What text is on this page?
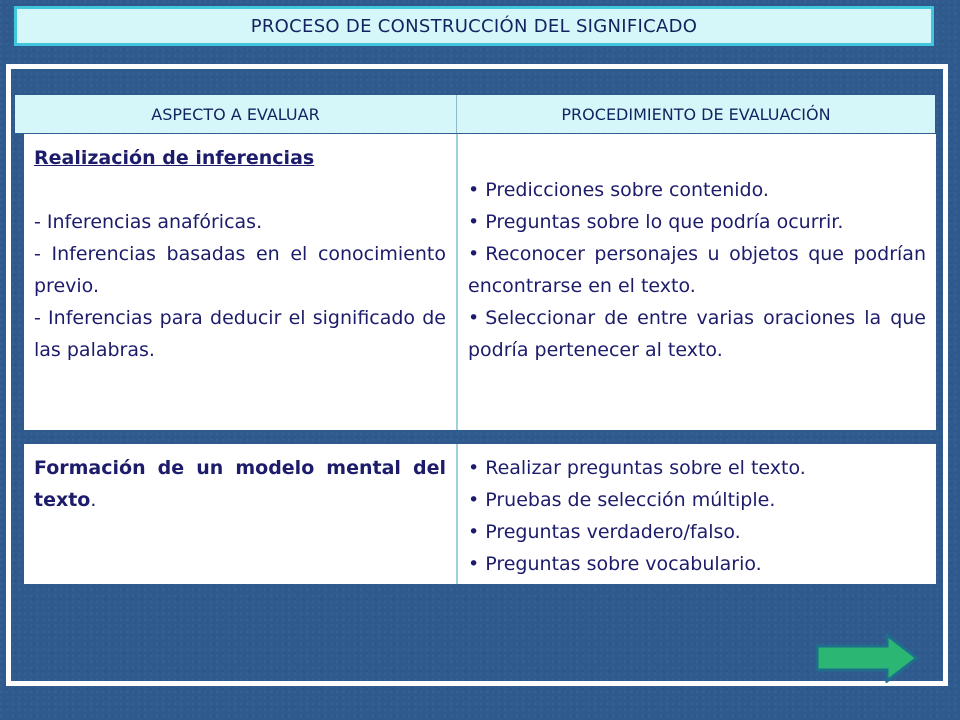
PROCESO DE CONSTRUCCIÓN DEL SIGNIFICADO
ASPECTO A EVALUAR	PROCEDIMIENTO DE EVALUACIÓN
Realización de inferencias
- Inferencias anafóricas.
- Inferencias basadas en el conocimiento previo.
- Inferencias para deducir el significado de las palabras.
• Predicciones sobre contenido.
• Preguntas sobre lo que podría ocurrir.
• Reconocer personajes u objetos que podrían encontrarse en el texto.
• Seleccionar de entre varias oraciones la que podría pertenecer al texto.
Formación de un modelo mental del texto.
• Realizar preguntas sobre el texto.
• Pruebas de selección múltiple.
• Preguntas verdadero/falso.
• Preguntas sobre vocabulario.
